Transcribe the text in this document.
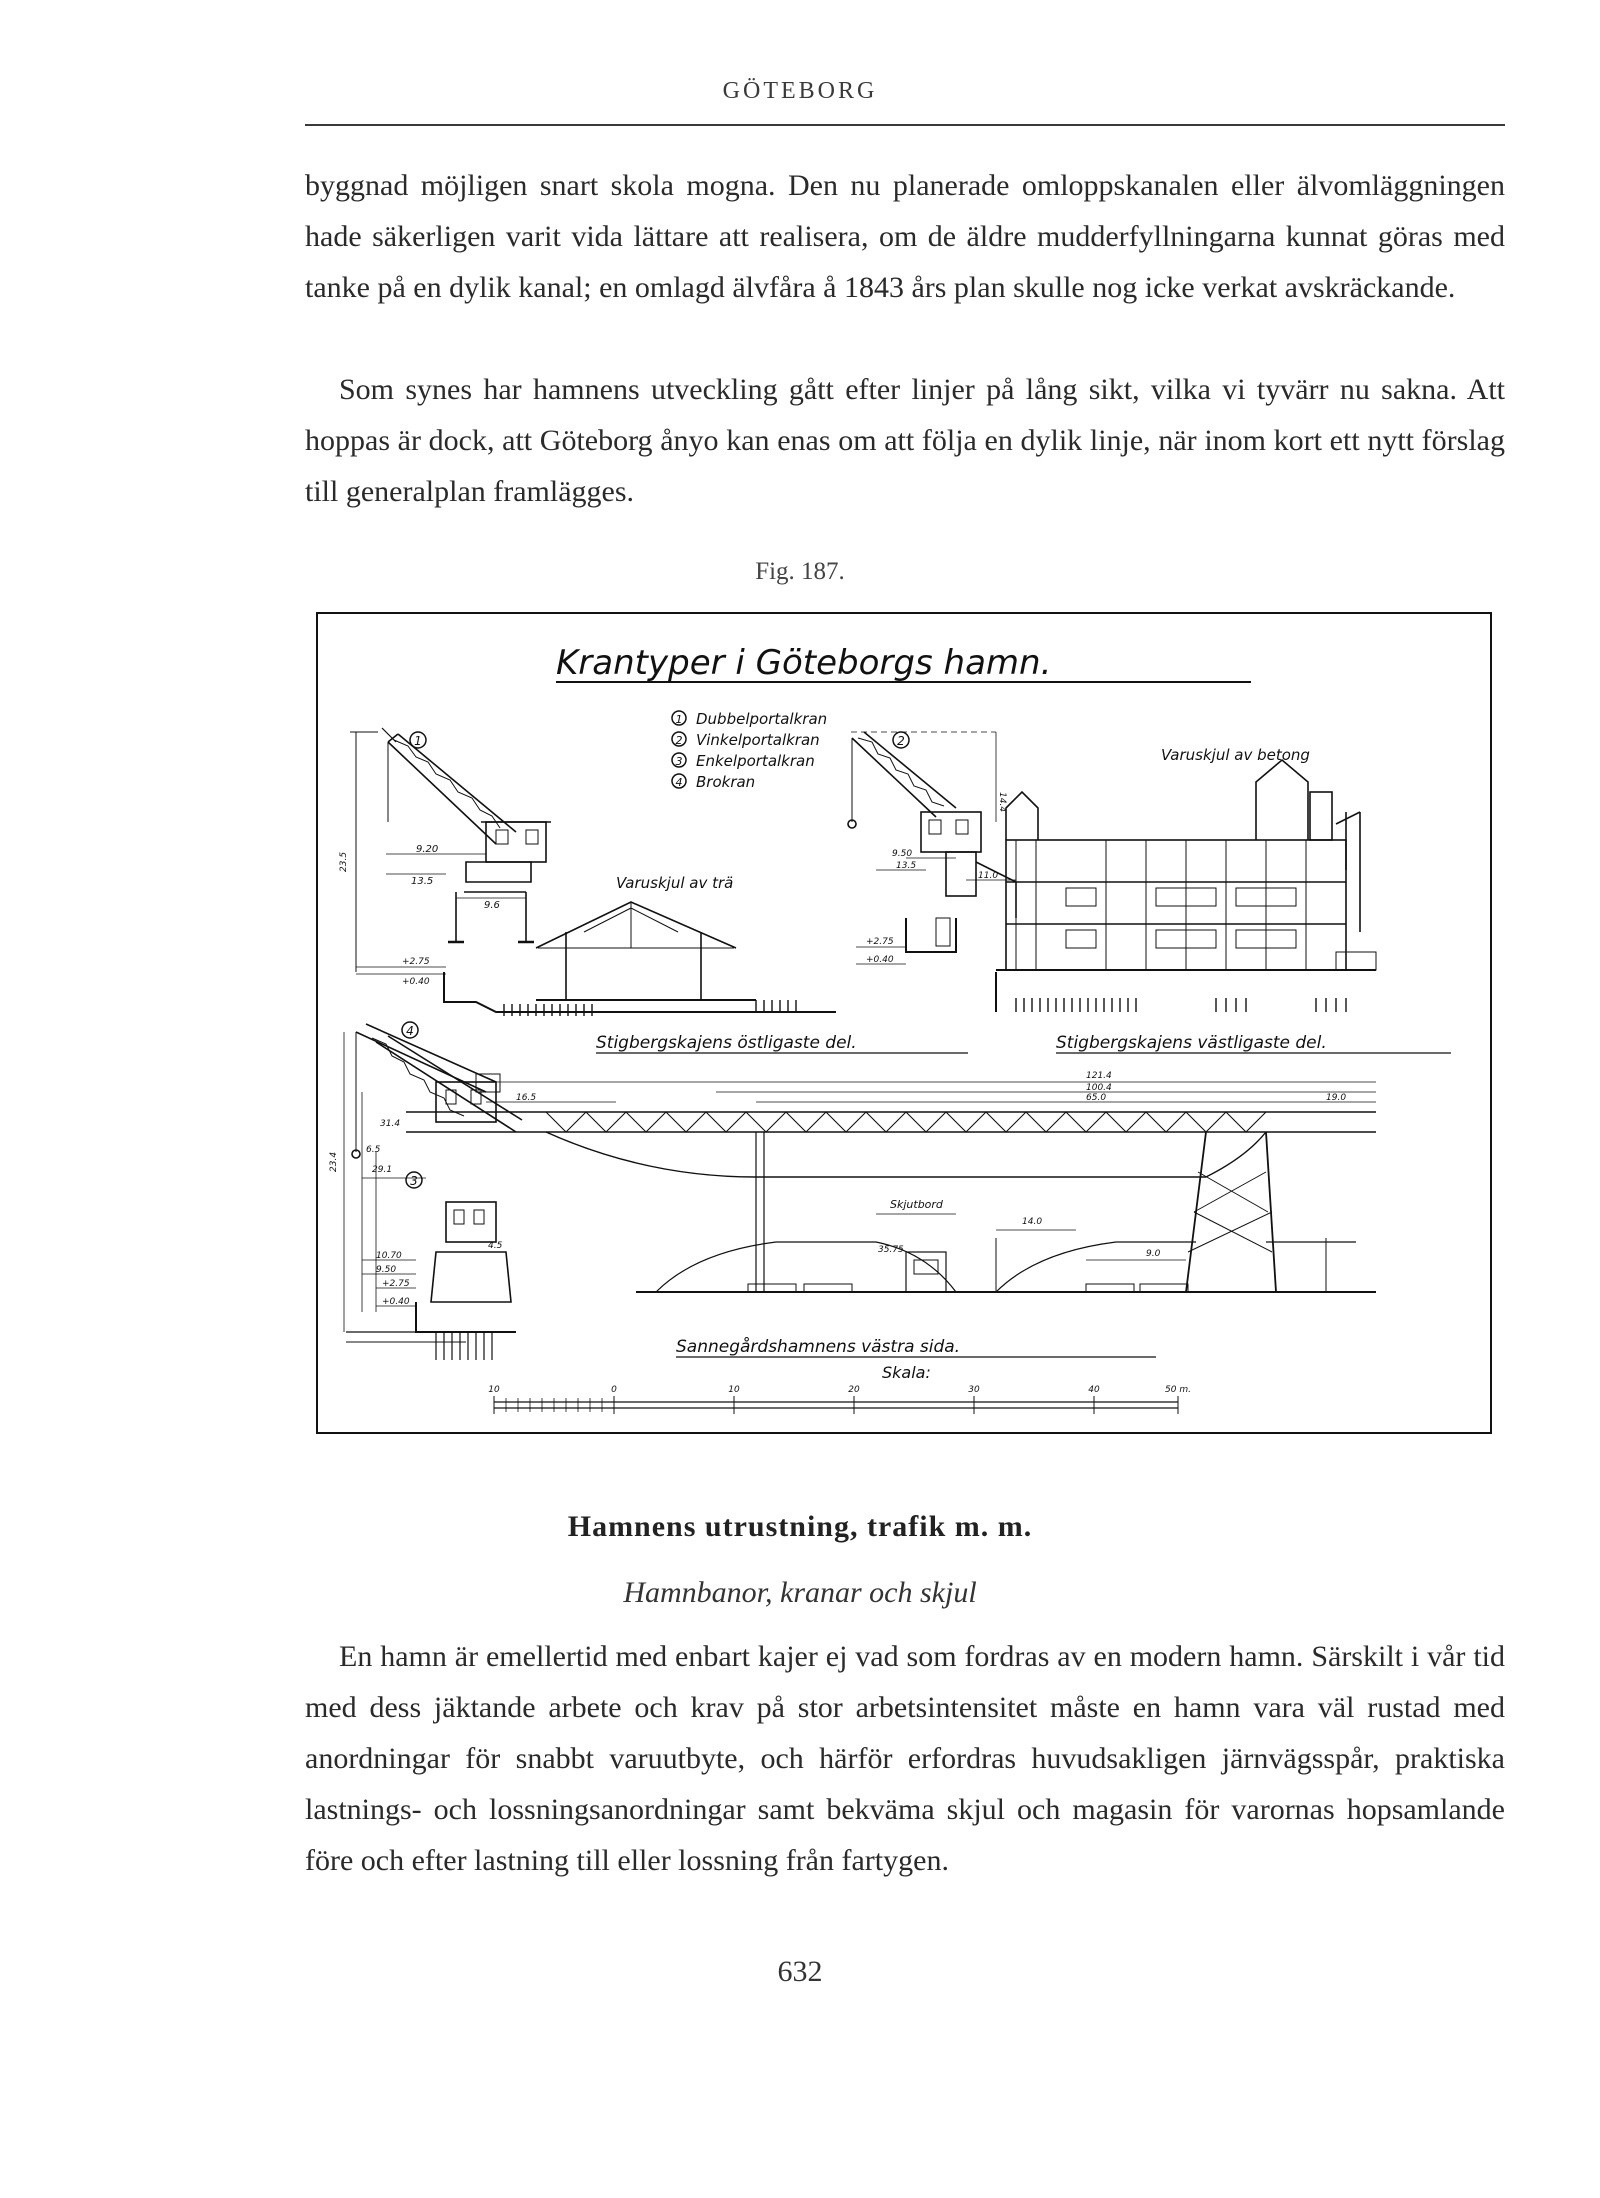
GÖTEBORG

byggnad möjligen snart skola mogna. Den nu planerade omloppskanalen eller älvomläggningen hade säkerligen varit vida lättare att realisera, om de äldre mudderfyllningarna kunnat göras med tanke på en dylik kanal; en omlagd älvfåra å 1843 års plan skulle nog icke verkat avskräckande.

Som synes har hamnens utveckling gått efter linjer på lång sikt, vilka vi tyvärr nu sakna. Att hoppas är dock, att Göteborg ånyo kan enas om att följa en dylik linje, när inom kort ett nytt förslag till generalplan framlägges.

Fig. 187.
Krantyper i Göteborgs hamn.
1 Dubbelportalkran
2 Vinkelportalkran
3 Enkelportalkran
4 Brokran
1
23.5
9.20
13.5
9.6
+2.75
+0.40
Varuskjul av trä
2
14.4
9.50
13.5
11.0
+2.75
+0.40
Varuskjul av betong
Stigbergskajens östligaste del.	Stigbergskajens västligaste del.
4
3
121.4
100.4
65.0
16.5	19.0
14.0
35.75	9.0
23.4
6.5
31.4
29.1
10.70
9.50
+2.75
+0.40
4.5
Skjutbord
Sannegårdshamnens västra sida.
Skala:
10	0	10	20	30	40	50 m.
Hamnens utrustning, trafik m. m.
Hamnbanor, kranar och skjul

En hamn är emellertid med enbart kajer ej vad som fordras av en modern hamn. Särskilt i vår tid med dess jäktande arbete och krav på stor arbetsintensitet måste en hamn vara väl rustad med anordningar för snabbt varuutbyte, och härför erfordras huvudsakligen järnvägsspår, praktiska lastnings- och lossningsanordningar samt bekväma skjul och magasin för varornas hopsamlande före och efter lastning till eller lossning från fartygen.

632
